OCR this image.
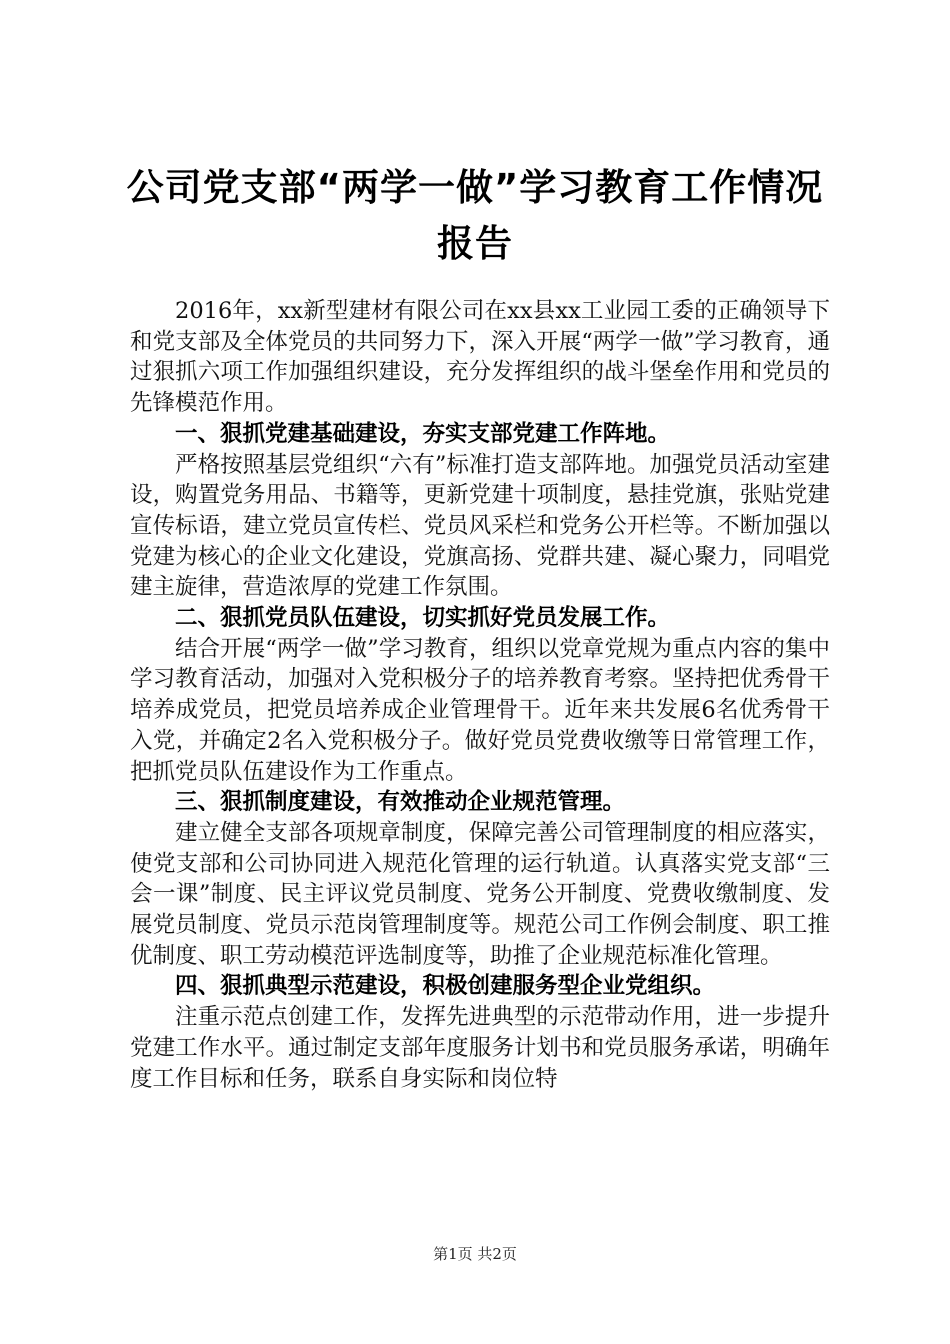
公司党支部“两学一做”学习教育工作情况报告

2016年，xx新型建材有限公司在xx县xx工业园工委的正确领导下和党支部及全体党员的共同努力下，深入开展“两学一做”学习教育，通过狠抓六项工作加强组织建设，充分发挥组织的战斗堡垒作用和党员的先锋模范作用。

一、狠抓党建基础建设，夯实支部党建工作阵地。

严格按照基层党组织“六有”标准打造支部阵地。加强党员活动室建设，购置党务用品、书籍等，更新党建十项制度，悬挂党旗，张贴党建宣传标语，建立党员宣传栏、党员风采栏和党务公开栏等。不断加强以党建为核心的企业文化建设，党旗高扬、党群共建、凝心聚力，同唱党建主旋律，营造浓厚的党建工作氛围。

二、狠抓党员队伍建设，切实抓好党员发展工作。

结合开展“两学一做”学习教育，组织以党章党规为重点内容的集中学习教育活动，加强对入党积极分子的培养教育考察。坚持把优秀骨干培养成党员，把党员培养成企业管理骨干。近年来共发展6名优秀骨干入党，并确定2名入党积极分子。做好党员党费收缴等日常管理工作，把抓党员队伍建设作为工作重点。

三、狠抓制度建设，有效推动企业规范管理。

建立健全支部各项规章制度，保障完善公司管理制度的相应落实，使党支部和公司协同进入规范化管理的运行轨道。认真落实党支部“三会一课”制度、民主评议党员制度、党务公开制度、党费收缴制度、发展党员制度、党员示范岗管理制度等。规范公司工作例会制度、职工推优制度、职工劳动模范评选制度等，助推了企业规范标准化管理。

四、狠抓典型示范建设，积极创建服务型企业党组织。

注重示范点创建工作，发挥先进典型的示范带动作用，进一步提升党建工作水平。通过制定支部年度服务计划书和党员服务承诺，明确年度工作目标和任务，联系自身实际和岗位特

第1页 共2页
